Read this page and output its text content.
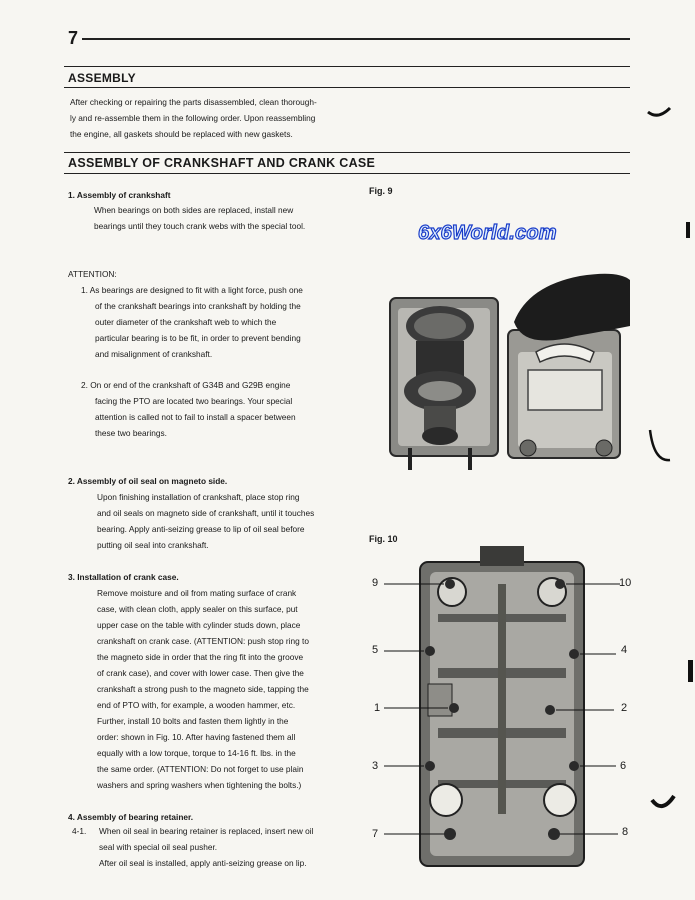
7
ASSEMBLY
After checking or repairing the parts disassembled, clean thorough-
ly and re-assemble them in the following order. Upon reassembling
the engine, all gaskets should be replaced with new gaskets.
ASSEMBLY OF CRANKSHAFT AND CRANK CASE
1. Assembly of crankshaft
When bearings on both sides are replaced, install new
bearings until they touch crank webs with the special tool.
ATTENTION:
1. As bearings are designed to fit with a light force, push one
of the crankshaft bearings into crankshaft by holding the
outer diameter of the crankshaft web to which the
particular bearing is to be fit, in order to prevent bending
and misalignment of crankshaft.
2. On or end of the crankshaft of G34B and G29B engine
facing the PTO are located two bearings. Your special
attention is called not to fail to install a spacer between
these two bearings.
2. Assembly of oil seal on magneto side.
Upon finishing installation of crankshaft, place stop ring
and oil seals on magneto side of crankshaft, until it touches
bearing. Apply anti-seizing grease to lip of oil seal before
putting oil seal into crankshaft.
3. Installation of crank case.
Remove moisture and oil from mating surface of crank
case, with clean cloth, apply sealer on this surface, put
upper case on the table with cylinder studs down, place
crankshaft on crank case. (ATTENTION: push stop ring to
the magneto side in order that the ring fit into the groove
of crank case), and cover with lower case. Then give the
crankshaft a strong push to the magneto side, tapping the
end of PTO with, for example, a wooden hammer, etc.
Further, install 10 bolts and fasten them lightly in the
order: shown in Fig. 10. After having fastened them all
equally with a low torque, torque to 14-16 ft. lbs. in the
the same order. (ATTENTION: Do not forget to use plain
washers and spring washers when tightening the bolts.)
4. Assembly of bearing retainer.
4-1. When oil seal in bearing retainer is replaced, insert new oil
seal with special oil seal pusher.
After oil seal is installed, apply anti-seizing grease on lip.
Fig. 9
6x6World.com
Fig. 10
9	10
5	4
1	2
3	6
7	8
